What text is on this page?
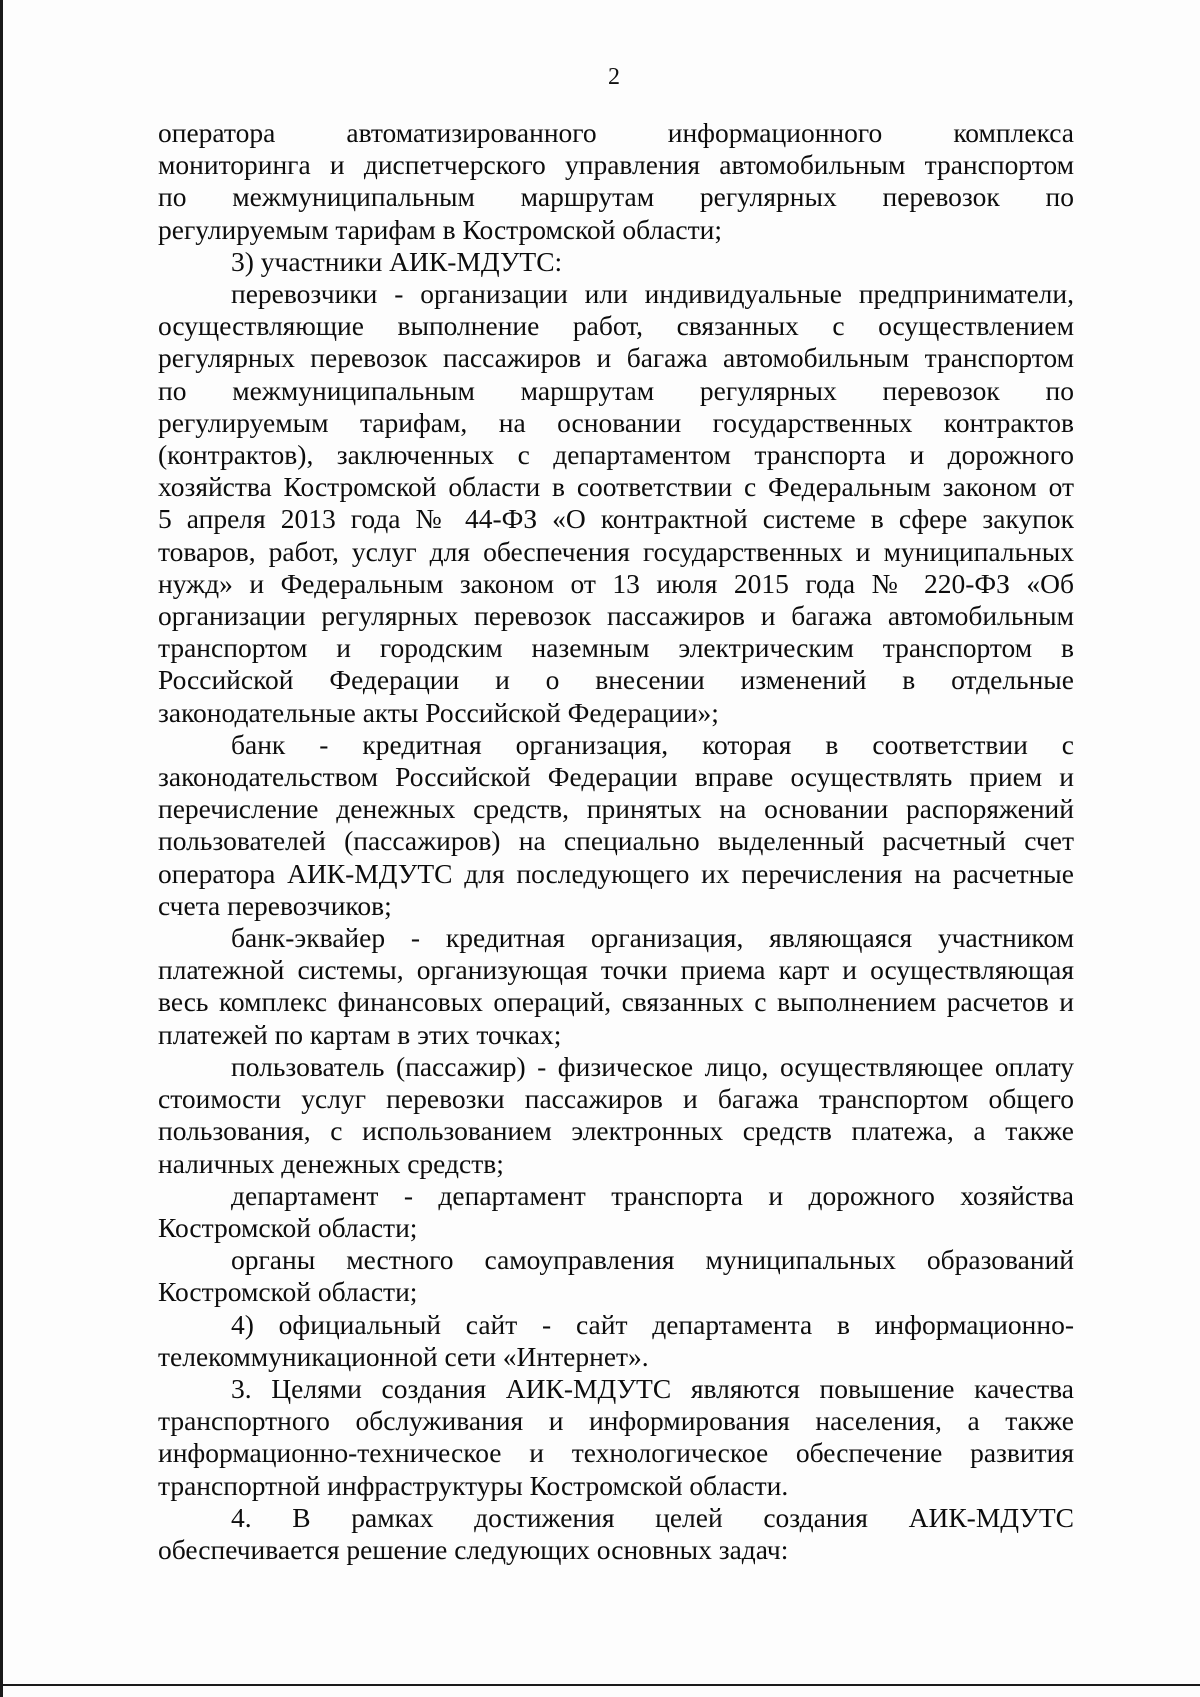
2
оператора автоматизированного информационного комплекса
мониторинга и диспетчерского управления автомобильным транспортом
по межмуниципальным маршрутам регулярных перевозок по
регулируемым тарифам в Костромской области;
3) участники АИК-МДУТС:
перевозчики - организации или индивидуальные предприниматели,
осуществляющие выполнение работ, связанных с осуществлением
регулярных перевозок пассажиров и багажа автомобильным транспортом
по межмуниципальным маршрутам регулярных перевозок по
регулируемым тарифам, на основании государственных контрактов
(контрактов), заключенных с департаментом транспорта и дорожного
хозяйства Костромской области в соответствии с Федеральным законом от
5 апреля 2013 года № 44-ФЗ «О контрактной системе в сфере закупок
товаров, работ, услуг для обеспечения государственных и муниципальных
нужд» и Федеральным законом от 13 июля 2015 года № 220-ФЗ «Об
организации регулярных перевозок пассажиров и багажа автомобильным
транспортом и городским наземным электрическим транспортом в
Российской Федерации и о внесении изменений в отдельные
законодательные акты Российской Федерации»;
банк - кредитная организация, которая в соответствии с
законодательством Российской Федерации вправе осуществлять прием и
перечисление денежных средств, принятых на основании распоряжений
пользователей (пассажиров) на специально выделенный расчетный счет
оператора АИК-МДУТС для последующего их перечисления на расчетные
счета перевозчиков;
банк-эквайер - кредитная организация, являющаяся участником
платежной системы, организующая точки приема карт и осуществляющая
весь комплекс финансовых операций, связанных с выполнением расчетов и
платежей по картам в этих точках;
пользователь (пассажир) - физическое лицо, осуществляющее оплату
стоимости услуг перевозки пассажиров и багажа транспортом общего
пользования, с использованием электронных средств платежа, а также
наличных денежных средств;
департамент - департамент транспорта и дорожного хозяйства
Костромской области;
органы местного самоуправления муниципальных образований
Костромской области;
4) официальный сайт - сайт департамента в информационно-
телекоммуникационной сети «Интернет».
3. Целями создания АИК-МДУТС являются повышение качества
транспортного обслуживания и информирования населения, а также
информационно-техническое и технологическое обеспечение развития
транспортной инфраструктуры Костромской области.
4. В рамках достижения целей создания АИК-МДУТС
обеспечивается решение следующих основных задач:
